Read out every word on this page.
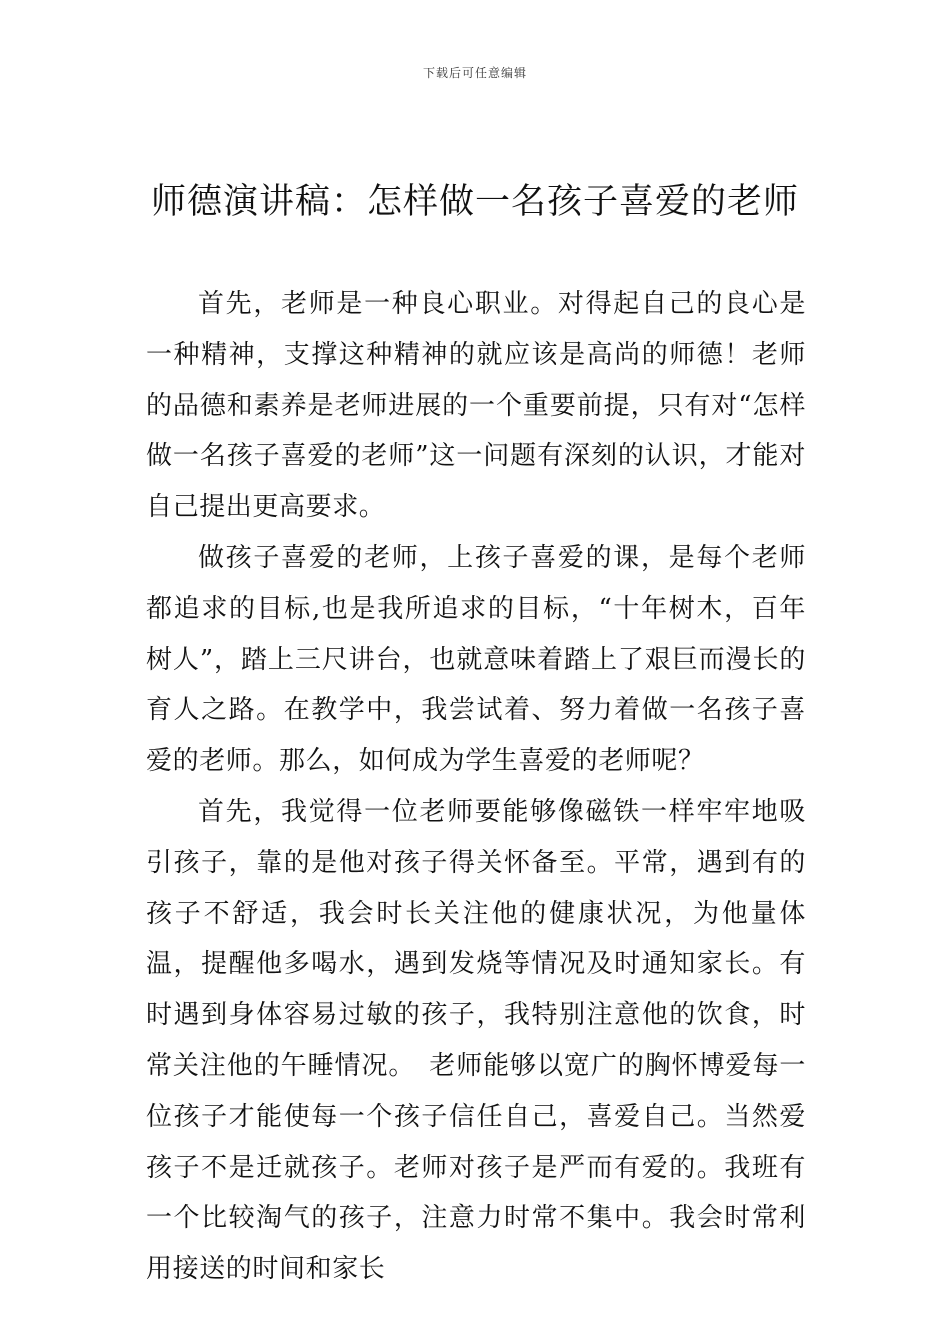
下载后可任意编辑
师德演讲稿：怎样做一名孩子喜爱的老师

首先，老师是一种良心职业。对得起自己的良心是一种精神，支撑这种精神的就应该是高尚的师德！老师的品德和素养是老师进展的一个重要前提，只有对“怎样做一名孩子喜爱的老师”这一问题有深刻的认识，才能对自己提出更高要求。

做孩子喜爱的老师，上孩子喜爱的课，是每个老师都追求的目标,也是我所追求的目标，“十年树木，百年树人”，踏上三尺讲台，也就意味着踏上了艰巨而漫长的育人之路。在教学中，我尝试着、努力着做一名孩子喜爱的老师。那么，如何成为学生喜爱的老师呢？

首先，我觉得一位老师要能够像磁铁一样牢牢地吸引孩子，靠的是他对孩子得关怀备至。平常，遇到有的孩子不舒适，我会时长关注他的健康状况，为他量体温，提醒他多喝水，遇到发烧等情况及时通知家长。有时遇到身体容易过敏的孩子，我特别注意他的饮食，时常关注他的午睡情况。　老师能够以宽广的胸怀博爱每一位孩子才能使每一个孩子信任自己，喜爱自己。当然爱孩子不是迁就孩子。老师对孩子是严而有爱的。我班有一个比较淘气的孩子，注意力时常不集中。我会时常利用接送的时间和家长
